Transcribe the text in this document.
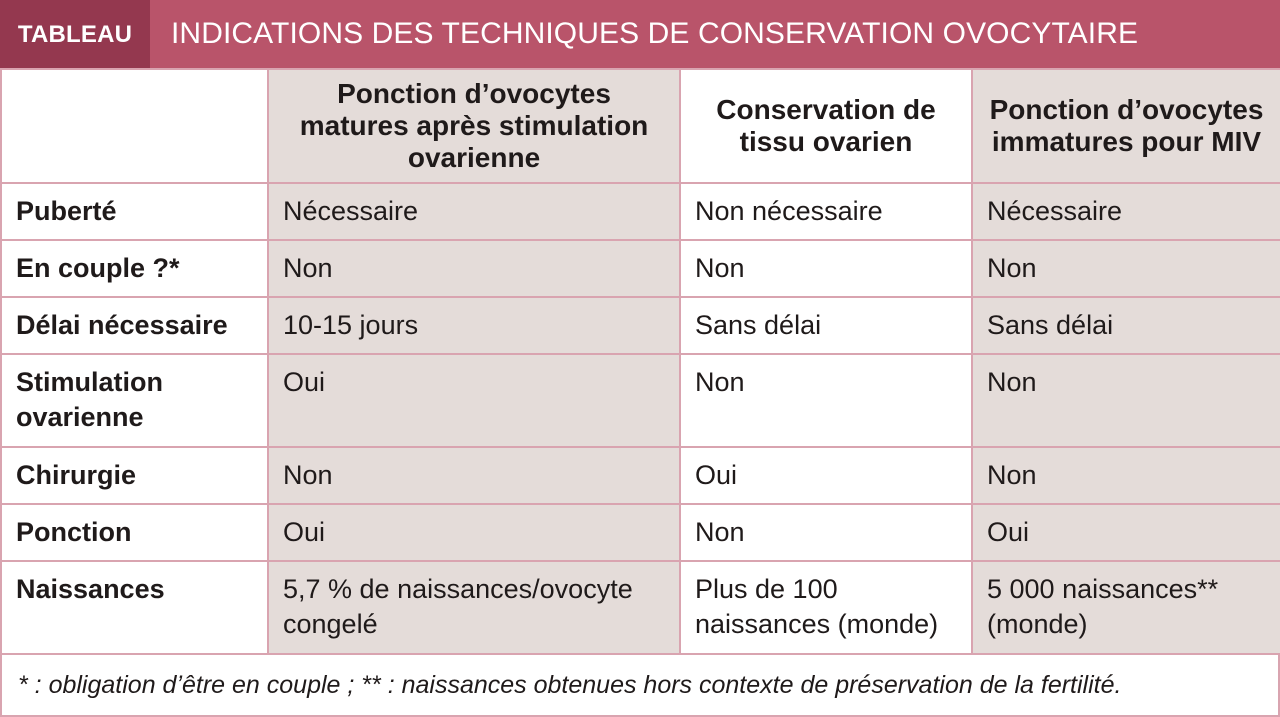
TABLEAU	INDICATIONS DES TECHNIQUES DE CONSERVATION OVOCYTAIRE
	Ponction d’ovocytes matures après stimulation ovarienne	Conservation de tissu ovarien	Ponction d’ovocytes immatures pour MIV
Puberté	Nécessaire	Non nécessaire	Nécessaire
En couple ?*	Non	Non	Non
Délai nécessaire	10-15 jours	Sans délai	Sans délai
Stimulation ovarienne	Oui	Non	Non
Chirurgie	Non	Oui	Non
Ponction	Oui	Non	Oui
Naissances	5,7 % de naissances/ovocyte congelé	Plus de 100 naissances (monde)	5 000 naissances** (monde)
* : obligation d’être en couple ; ** : naissances obtenues hors contexte de préservation de la fertilité.
